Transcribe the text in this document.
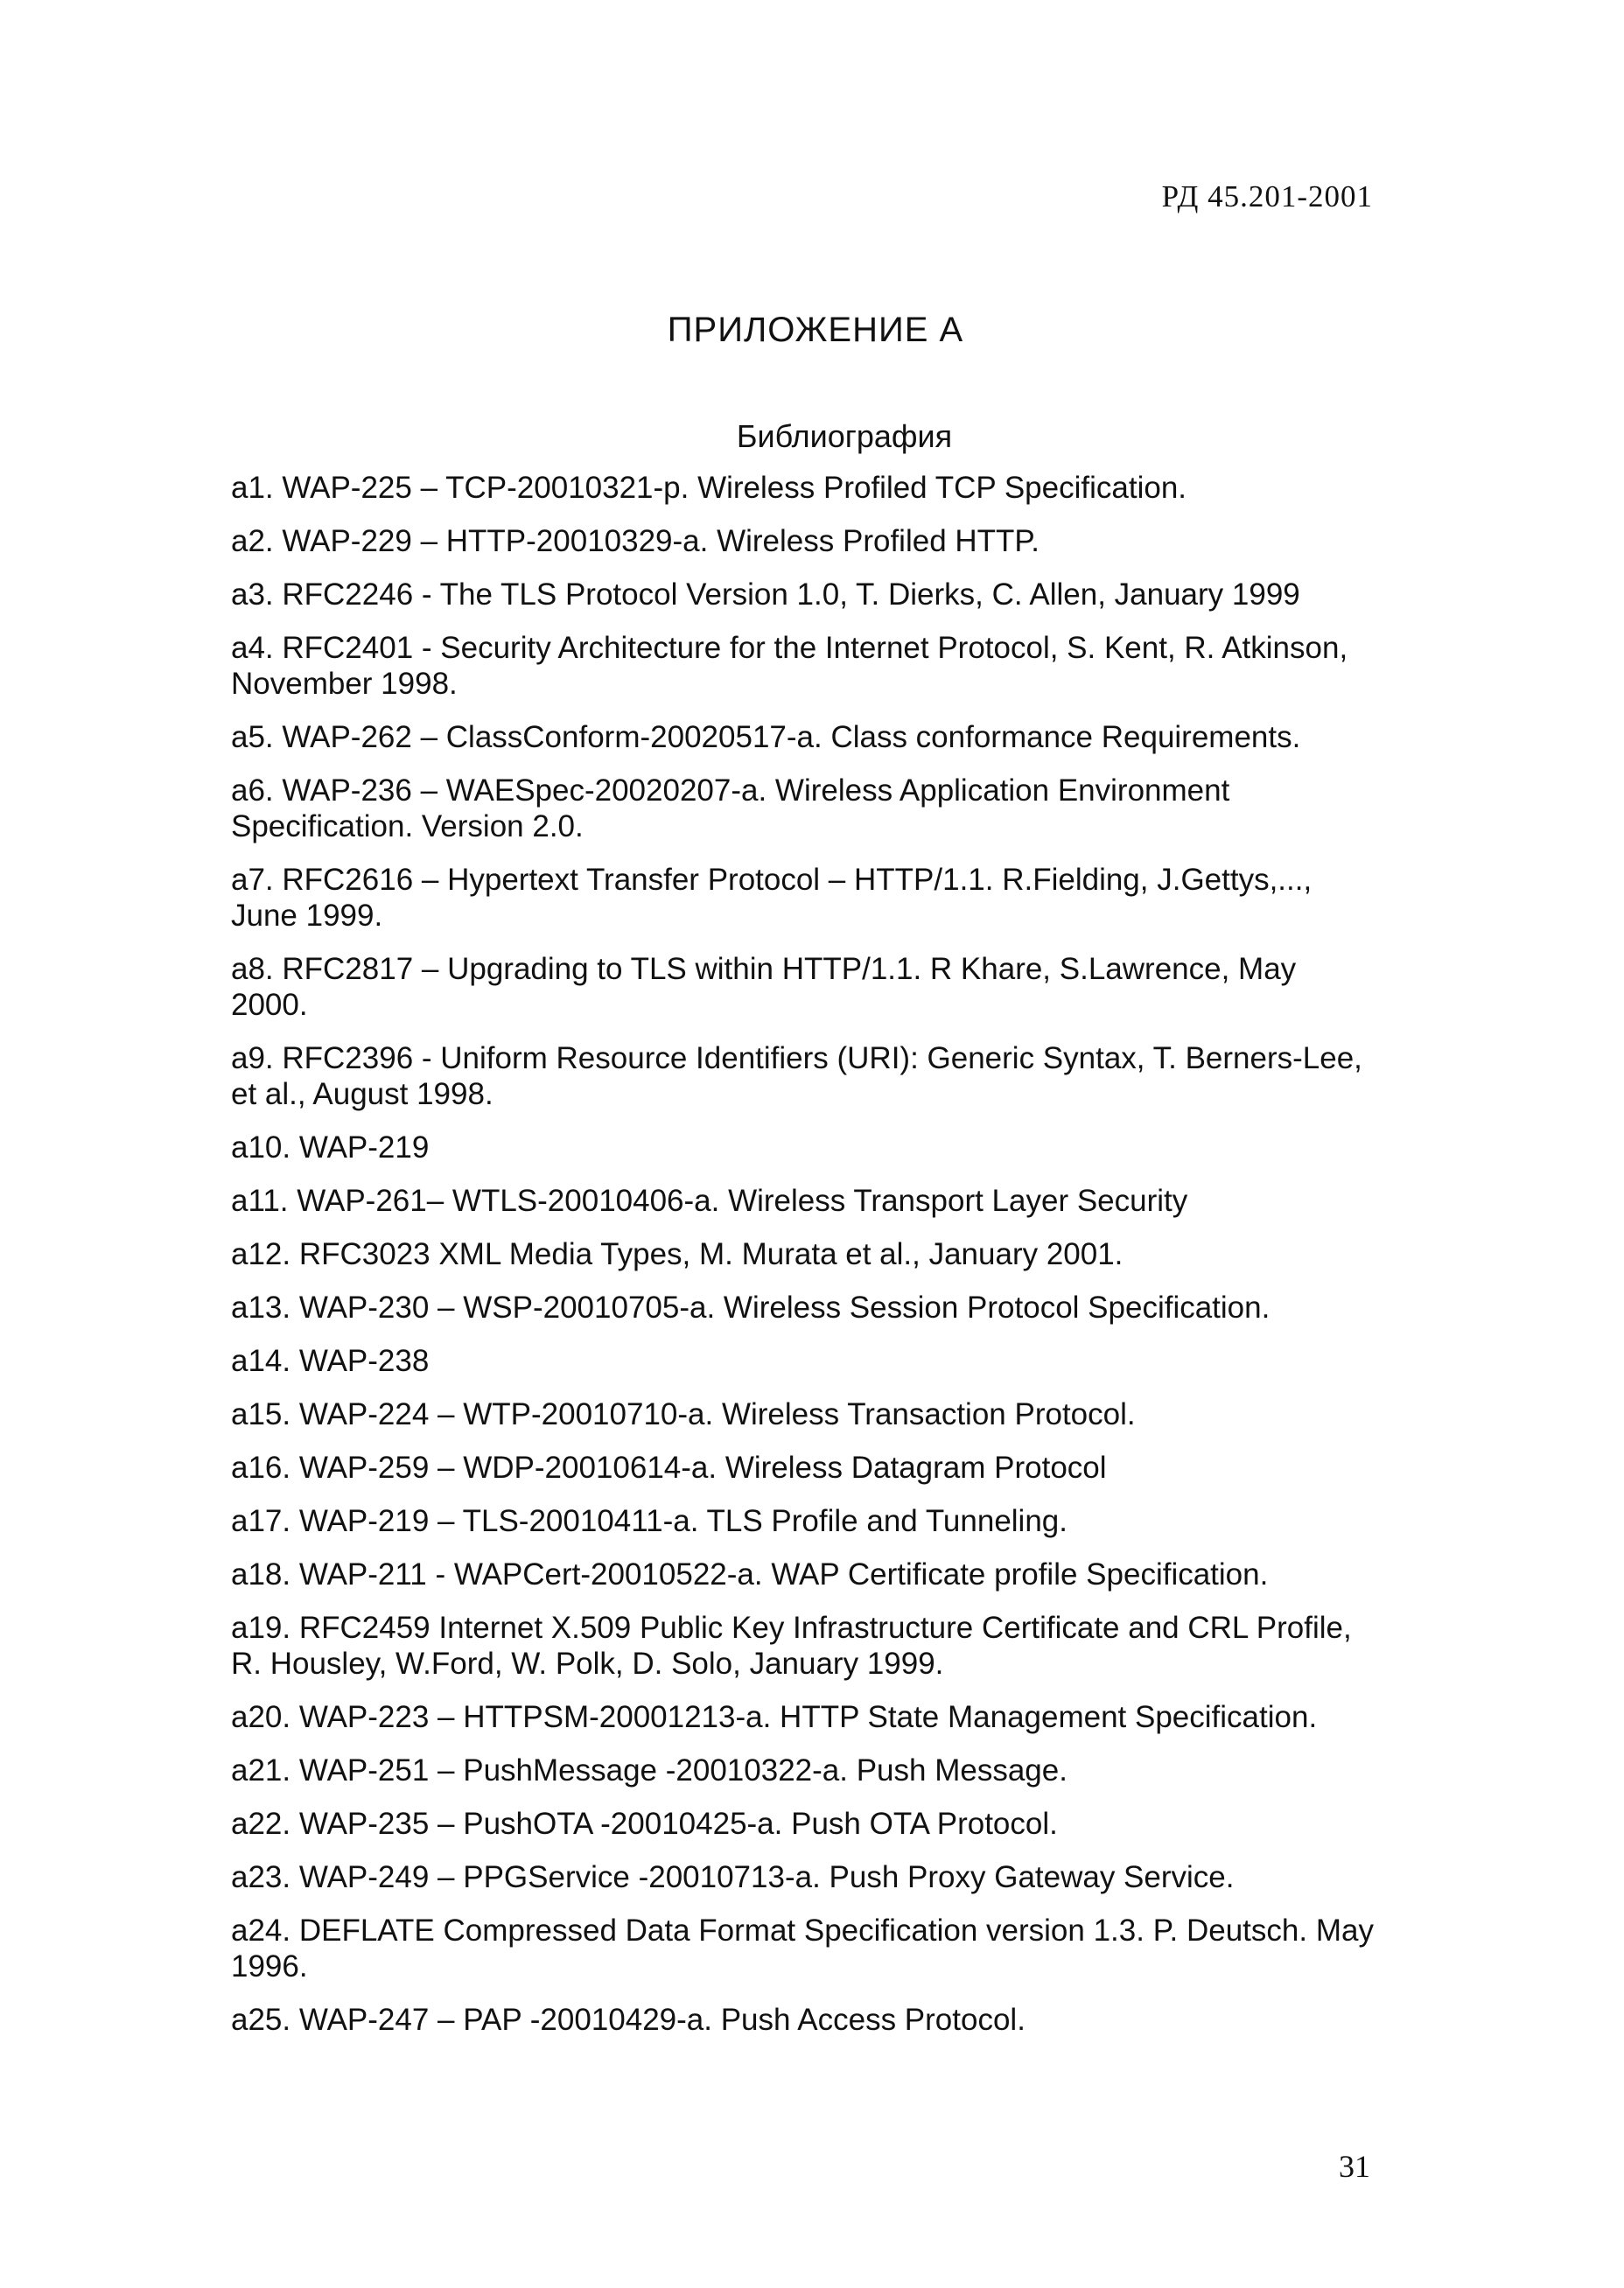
РД 45.201-2001
ПРИЛОЖЕНИЕ А
Библиография
a1. WAP-225 – TCP-20010321-p. Wireless Profiled TCP Specification.
a2. WAP-229 – HTTP-20010329-a. Wireless Profiled HTTP.
a3. RFC2246 - The TLS Protocol Version 1.0, T. Dierks, C. Allen, January 1999
a4. RFC2401 - Security Architecture for the Internet Protocol, S. Kent, R. Atkinson, November 1998.
a5. WAP-262 – ClassConform-20020517-a. Class conformance Requirements.
a6. WAP-236 – WAESpec-20020207-a. Wireless Application Environment Specification. Version 2.0.
a7. RFC2616 – Hypertext Transfer Protocol – HTTP/1.1. R.Fielding, J.Gettys,..., June 1999.
a8. RFC2817 – Upgrading to TLS within HTTP/1.1. R Khare, S.Lawrence, May 2000.
a9. RFC2396 - Uniform Resource Identifiers (URI): Generic Syntax, T. Berners-Lee, et al., August 1998.
a10. WAP-219
a11. WAP-261– WTLS-20010406-a. Wireless Transport Layer Security
a12. RFC3023 XML Media Types, M. Murata et al., January 2001.
a13. WAP-230 – WSP-20010705-a. Wireless Session Protocol Specification.
a14. WAP-238
a15. WAP-224 – WTP-20010710-a. Wireless Transaction Protocol.
a16. WAP-259 – WDP-20010614-a. Wireless Datagram Protocol
a17. WAP-219 – TLS-20010411-a. TLS Profile and Tunneling.
a18. WAP-211 - WAPCert-20010522-a. WAP Certificate profile Specification.
a19. RFC2459 Internet X.509 Public Key Infrastructure Certificate and CRL Profile, R. Housley, W.Ford, W. Polk, D. Solo, January 1999.
a20. WAP-223 – HTTPSM-20001213-a. HTTP State Management Specification.
a21. WAP-251 – PushMessage -20010322-a. Push Message.
a22. WAP-235 – PushOTA -20010425-a. Push OTA Protocol.
a23. WAP-249 – PPGService -20010713-a. Push Proxy Gateway Service.
a24. DEFLATE Compressed Data Format Specification version 1.3. P. Deutsch. May 1996.
a25. WAP-247 – PAP -20010429-a. Push Access Protocol.
31
